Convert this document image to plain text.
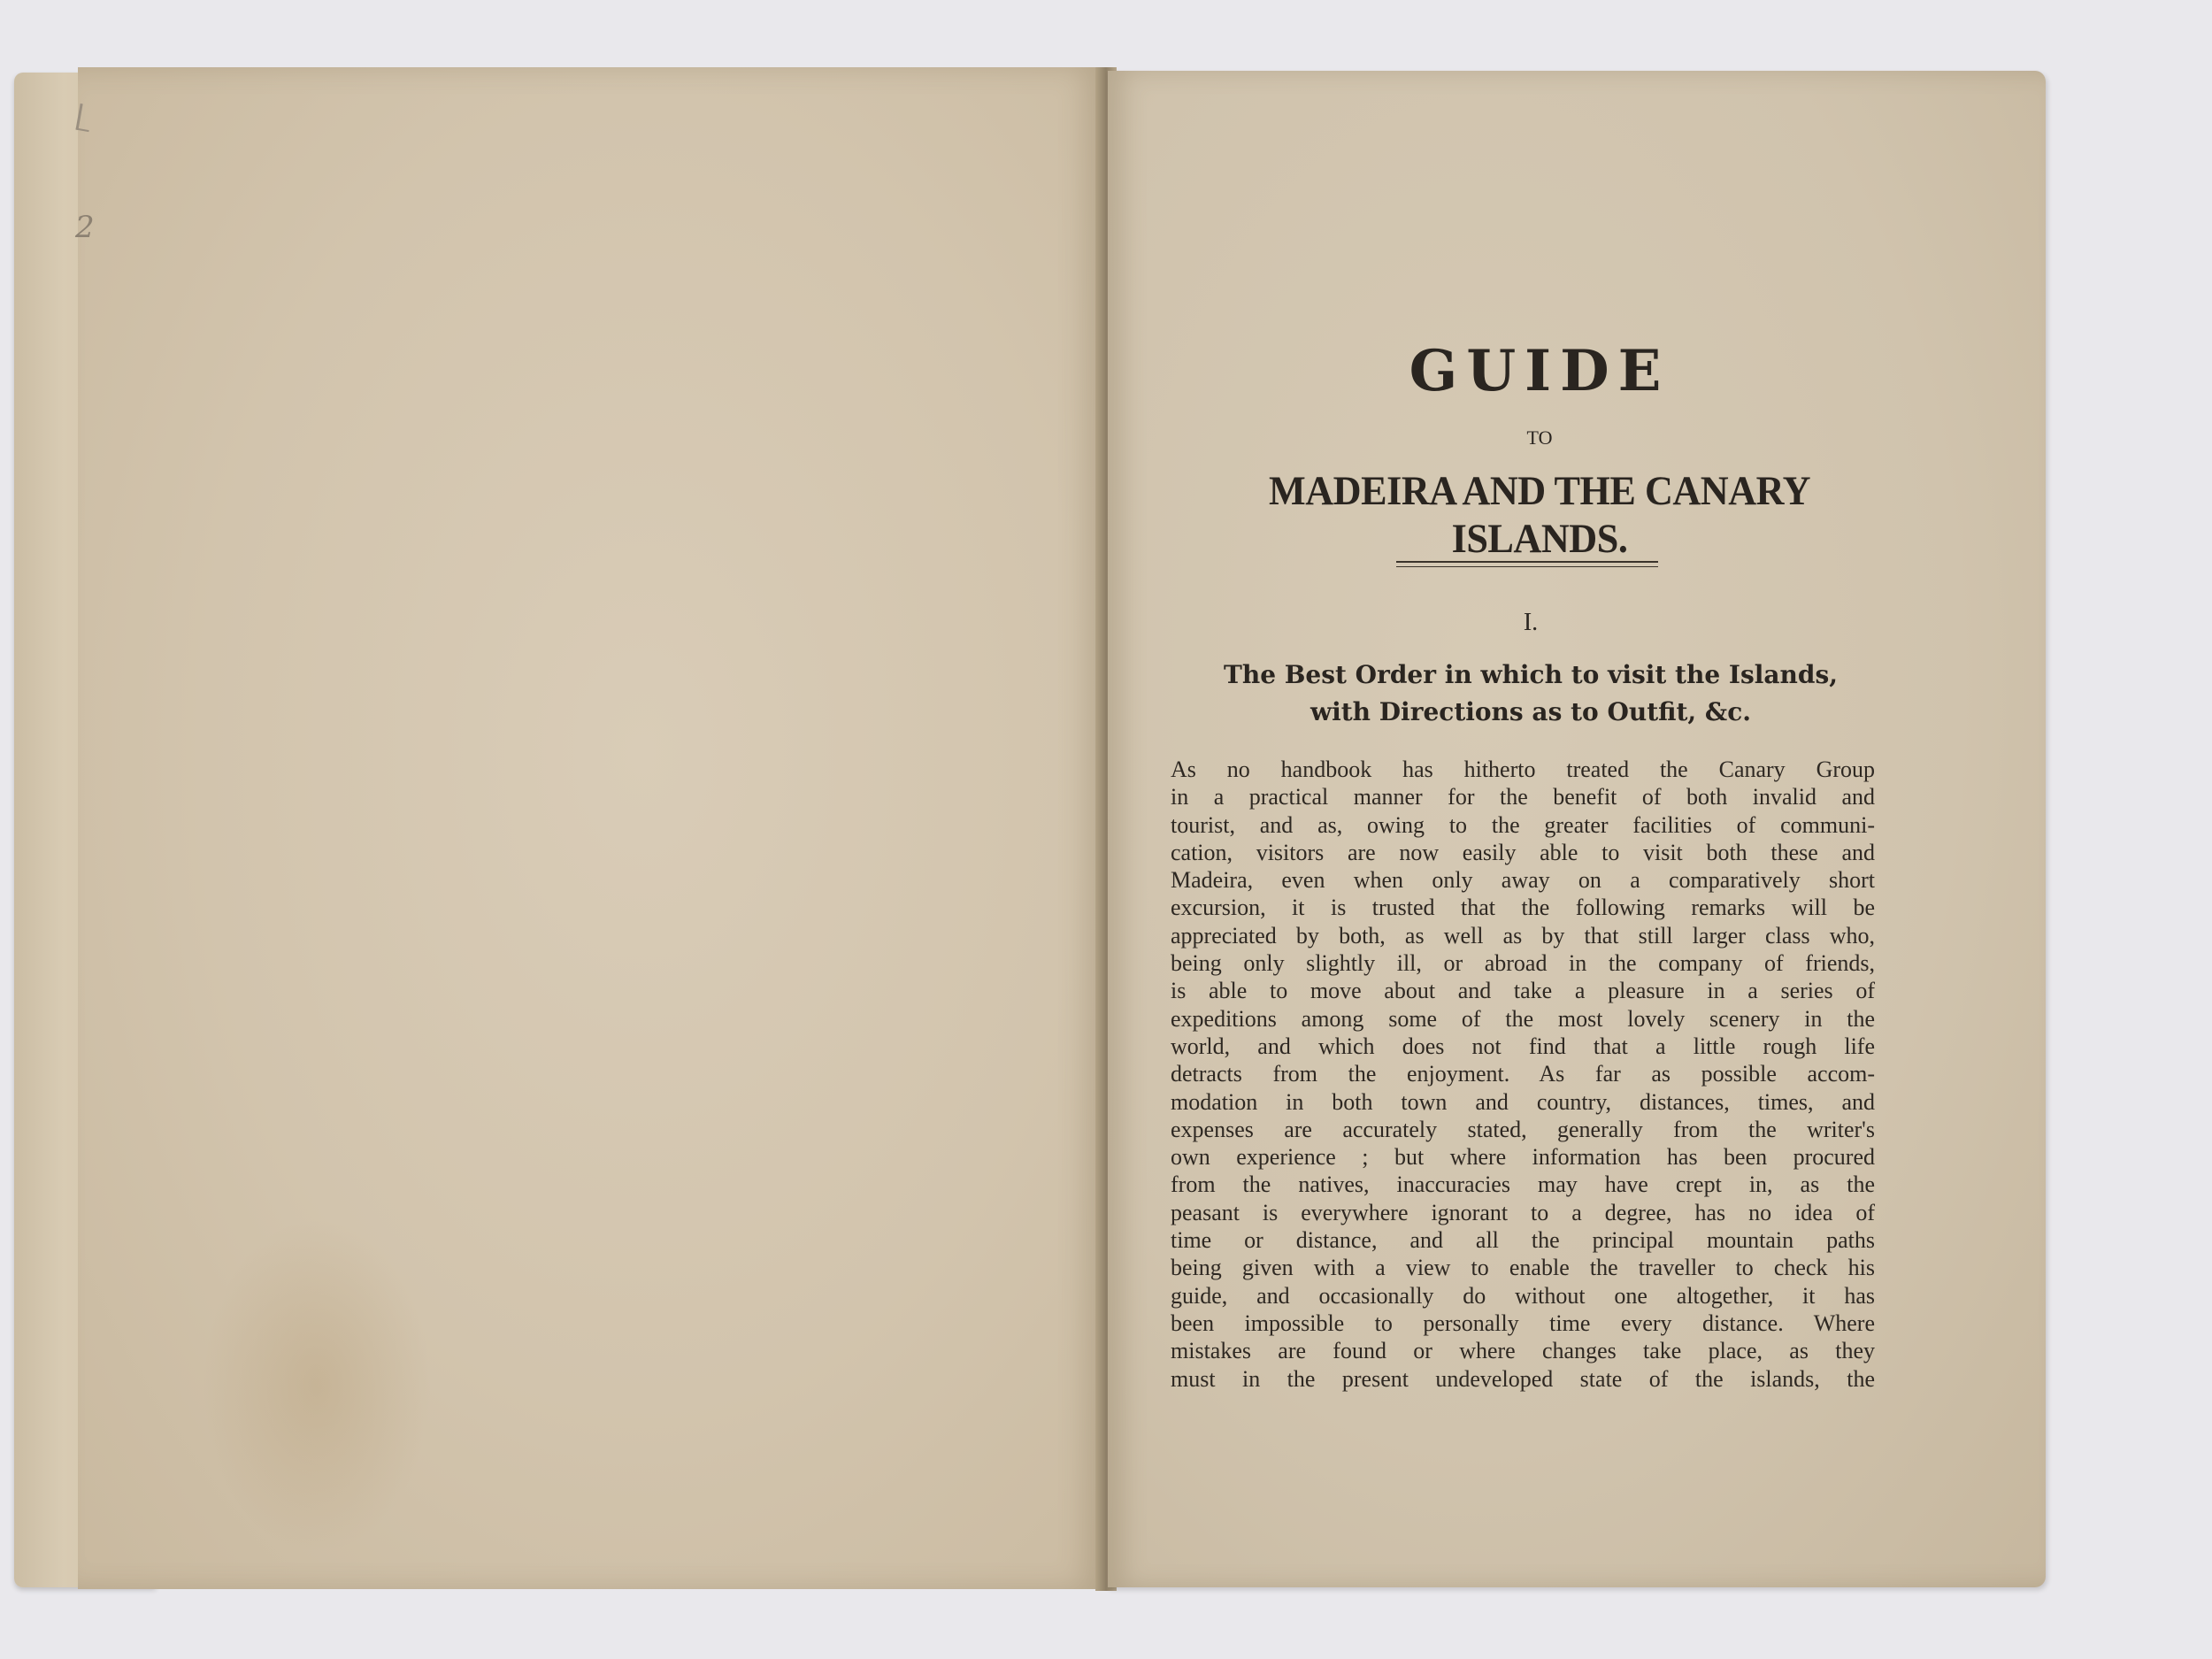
2
GUIDE
TO
MADEIRA AND THE CANARY ISLANDS.
I.
The Best Order in which to visit the Islands,
with Directions as to Outfit, &c.
As no handbook has hitherto treated the Canary Group
in a practical manner for the benefit of both invalid and
tourist, and as, owing to the greater facilities of communi-
cation, visitors are now easily able to visit both these and
Madeira, even when only away on a comparatively short
excursion, it is trusted that the following remarks will be
appreciated by both, as well as by that still larger class who,
being only slightly ill, or abroad in the company of friends,
is able to move about and take a pleasure in a series of
expeditions among some of the most lovely scenery in the
world, and which does not find that a little rough life
detracts from the enjoyment. As far as possible accom-
modation in both town and country, distances, times, and
expenses are accurately stated, generally from the writer's
own experience ; but where information has been procured
from the natives, inaccuracies may have crept in, as the
peasant is everywhere ignorant to a degree, has no idea of
time or distance, and all the principal mountain paths
being given with a view to enable the traveller to check his
guide, and occasionally do without one altogether, it has
been impossible to personally time every distance. Where
mistakes are found or where changes take place, as they
must in the present undeveloped state of the islands, the
